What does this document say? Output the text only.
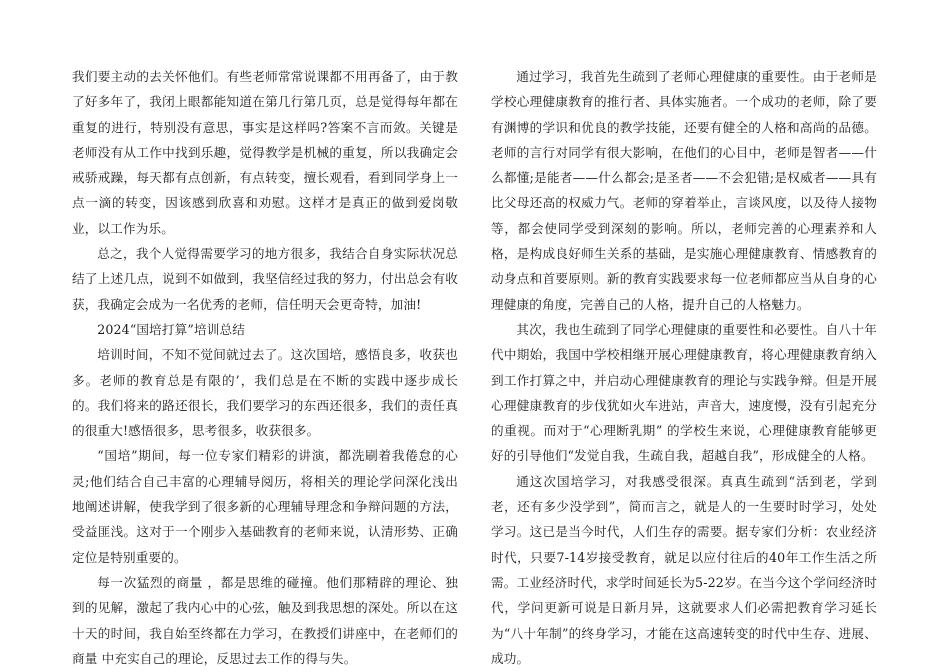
我们要主动的去关怀他们。有些老师常常说课都不用再备了，由于教了好多年了，我闭上眼都能知道在第几行第几页，总是觉得每年都在重复的进行，特别没有意思，事实是这样吗?答案不言而敛。关键是老师没有从工作中找到乐趣，觉得教学是机械的重复，所以我确定会戒骄戒躁，每天都有点创新，有点转变，擅长观看，看到同学身上一点一滴的转变，因该感到欣喜和劝慰。这样才是真正的做到爱岗敬业，以工作为乐。

总之，我个人觉得需要学习的地方很多，我结合自身实际状况总结了上述几点，说到不如做到，我坚信经过我的努力，付出总会有收获，我确定会成为一名优秀的老师，信任明天会更奇特，加油!

2024“国培打算”培训总结

培训时间，不知不觉间就过去了。这次国培，感悟良多，收获也多。老师的教育总是有限的’，我们总是在不断的实践中逐步成长的。我们将来的路还很长，我们要学习的东西还很多，我们的责任真的很重大!感悟很多，思考很多，收获很多。

“国培”期间，每一位专家们精彩的讲演，都洗刷着我倦怠的心灵;他们结合自己丰富的心理辅导阅历，将相关的理论学问深化浅出地阐述讲解，使我学到了很多新的心理辅导理念和争辩问题的方法，受益匪浅。这对于一个刚步入基础教育的老师来说，认清形势、正确定位是特别重要的。

每一次猛烈的商量 ，都是思维的碰撞。他们那精辟的理论、独到的见解，激起了我内心中的心弦，触及到我思想的深处。所以在这十天的时间，我自始至终都在力学习，在教授们讲座中，在老师们的商量 中充实自己的理论，反思过去工作的得与失。

通过学习，我首先生疏到了老师心理健康的重要性。由于老师是学校心理健康教育的推行者、具体实施者。一个成功的老师，除了要有渊博的学识和优良的教学技能，还要有健全的人格和高尚的品德。老师的言行对同学有很大影响，在他们的心目中，老师是智者——什么都懂;是能者——什么都会;是圣者——不会犯错;是权威者——具有比父母还高的权威力气。老师的穿着举止，言谈风度，以及待人接物等，都会使同学受到深刻的影响。所以，老师完善的心理素养和人格，是构成良好师生关系的基础，是实施心理健康教育、情感教育的动身点和首要原则。新的教育实践要求每一位老师都应当从自身的心理健康的角度，完善自己的人格，提升自己的人格魅力。

其次，我也生疏到了同学心理健康的重要性和必要性。自八十年代中期始，我国中学校相继开展心理健康教育，将心理健康教育纳入到工作打算之中，并启动心理健康教育的理论与实践争辩。但是开展心理健康教育的步伐犹如火车进站，声音大，速度慢，没有引起充分的重视。而对于“心理断乳期” 的学校生来说，心理健康教育能够更好的引导他们“发觉自我，生疏自我，超越自我”，形成健全的人格。

通这次国培学习，对我感受很深。真真生疏到“活到老，学到老，还有多少没学到”，简而言之，就是人的一生要时时学习，处处学习。这已是当今时代，人们生存的需要。据专家们分析：农业经济时代，只要7-14岁接受教育，就足以应付往后的40年工作生活之所需。工业经济时代，求学时间延长为5-22岁。在当今这个学问经济时代，学问更新可说是日新月异，这就要求人们必需把教育学习延长为“八十年制”的终身学习，才能在这高速转变的时代中生存、进展、成功。
